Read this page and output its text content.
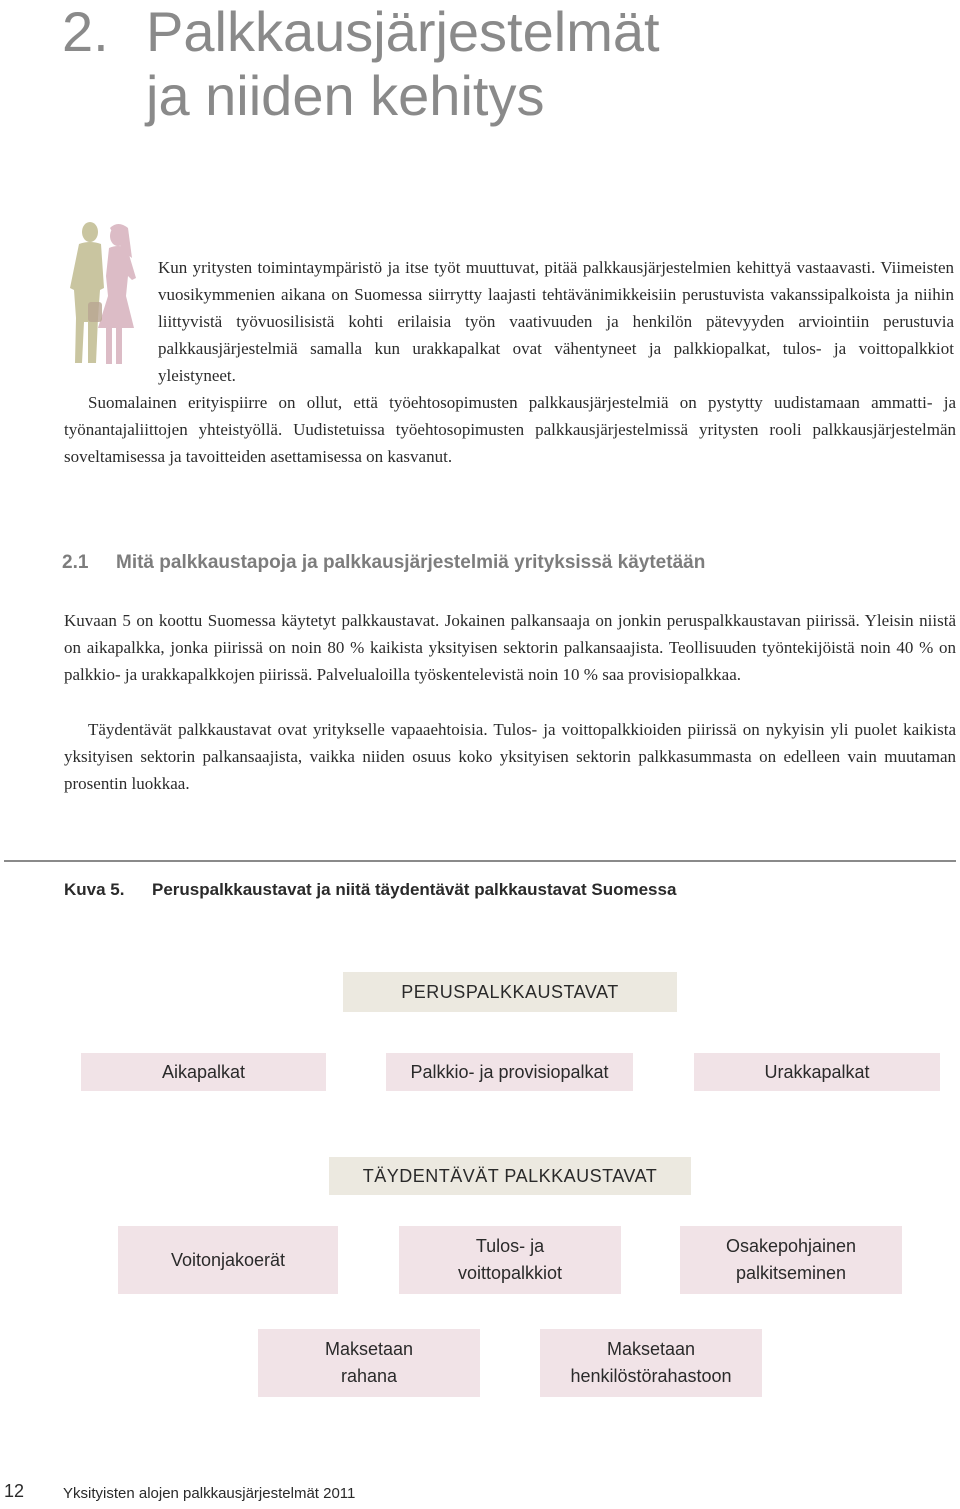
2. Palkkausjärjestelmät
ja niiden kehitys

Kun yritysten toimintaympäristö ja itse työt muuttuvat, pitää palkkausjärjestelmien kehittyä vastaavasti. Viimeisten vuosikymmenien aikana on Suomessa siirrytty laajasti tehtävänimikkeisiin perustuvista vakanssipalkoista ja niihin liittyvistä työvuosilisistä kohti erilaisia työn vaativuuden ja henkilön pätevyyden arviointiin perustuvia palkkausjärjestelmiä samalla kun urakkapalkat ovat vähentyneet ja palkkiopalkat, tulos- ja voittopalkkiot yleistyneet.

Suomalainen erityispiirre on ollut, että työehtosopimusten palkkausjärjestelmiä on pystytty uudistamaan ammatti- ja työnantajaliittojen yhteistyöllä. Uudistetuissa työehtosopimusten palkkausjärjestelmissä yritysten rooli palkkausjärjestelmän soveltamisessa ja tavoitteiden asettamisessa on kasvanut.

2.1 Mitä palkkaustapoja ja palkkausjärjestelmiä yrityksissä käytetään

Kuvaan 5 on koottu Suomessa käytetyt palkkaustavat. Jokainen palkansaaja on jonkin peruspalkkaustavan piirissä. Yleisin niistä on aikapalkka, jonka piirissä on noin 80 % kaikista yksityisen sektorin palkansaajista. Teollisuuden työntekijöistä noin 40 % on palkkio- ja urakkapalkkojen piirissä. Palvelualoilla työskentelevistä noin 10 % saa provisiopalkkaa.

Täydentävät palkkaustavat ovat yritykselle vapaaehtoisia. Tulos- ja voittopalkkioiden piirissä on nykyisin yli puolet kaikista yksityisen sektorin palkansaajista, vaikka niiden osuus koko yksityisen sektorin palkkasummasta on edelleen vain muutaman prosentin luokkaa.

Kuva 5. Peruspalkkaustavat ja niitä täydentävät palkkaustavat Suomessa
PERUSPALKKAUSTAVAT
Aikapalkat	Palkkio- ja provisiopalkat	Urakkapalkat
TÄYDENTÄVÄT PALKKAUSTAVAT
Voitonjakoerät
Tulos- ja
voittopalkkiot
Osakepohjainen
palkitseminen
Maksetaan
rahana
Maksetaan
henkilöstörahastoon
12	Yksityisten alojen palkkausjärjestelmät 2011
